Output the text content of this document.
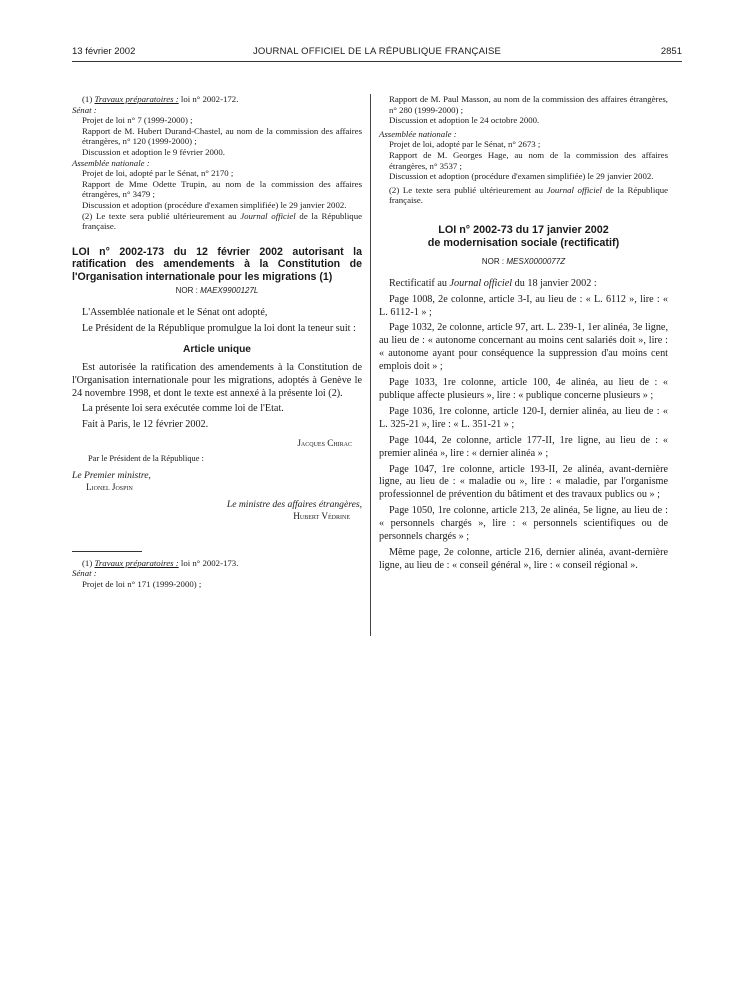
13 février 2002	JOURNAL OFFICIEL DE LA RÉPUBLIQUE FRANÇAISE	2851

(1) Travaux préparatoires : loi n° 2002-172.

Sénat :

Projet de loi n° 7 (1999-2000) ;

Rapport de M. Hubert Durand-Chastel, au nom de la commission des affaires étrangères, n° 120 (1999-2000) ;

Discussion et adoption le 9 février 2000.

Assemblée nationale :

Projet de loi, adopté par le Sénat, n° 2170 ;

Rapport de Mme Odette Trupin, au nom de la commission des affaires étrangères, n° 3479 ;

Discussion et adoption (procédure d'examen simplifiée) le 29 janvier 2002.

(2) Le texte sera publié ultérieurement au Journal officiel de la République française.

LOI n° 2002-173 du 12 février 2002 autorisant la ratification des amendements à la Constitution de l'Organisation internationale pour les migrations (1)

NOR : MAEX9900127L

L'Assemblée nationale et le Sénat ont adopté,

Le Président de la République promulgue la loi dont la teneur suit :

Article unique

Est autorisée la ratification des amendements à la Constitution de l'Organisation internationale pour les migrations, adoptés à Genève le 24 novembre 1998, et dont le texte est annexé à la présente loi (2).

La présente loi sera exécutée comme loi de l'Etat.

Fait à Paris, le 12 février 2002.

Jacques Chirac
Par le Président de la République :
Le Premier ministre,
Lionel Jospin
Le ministre des affaires étrangères,
Hubert Védrine

(1) Travaux préparatoires : loi n° 2002-173.

Sénat :

Projet de loi n° 171 (1999-2000) ;

Rapport de M. Paul Masson, au nom de la commission des affaires étrangères, n° 280 (1999-2000) ;

Discussion et adoption le 24 octobre 2000.

Assemblée nationale :

Projet de loi, adopté par le Sénat, n° 2673 ;

Rapport de M. Georges Hage, au nom de la commission des affaires étrangères, n° 3537 ;

Discussion et adoption (procédure d'examen simplifiée) le 29 janvier 2002.

(2) Le texte sera publié ultérieurement au Journal officiel de la République française.

LOI n° 2002-73 du 17 janvier 2002
de modernisation sociale (rectificatif)
NOR : MESX0000077Z

Rectificatif au Journal officiel du 18 janvier 2002 :

Page 1008, 2e colonne, article 3-I, au lieu de : « L. 6112 », lire : « L. 6112-1 » ;

Page 1032, 2e colonne, article 97, art. L. 239-1, 1er alinéa, 3e ligne, au lieu de : « autonome concernant au moins cent salariés doit », lire : « autonome ayant pour conséquence la suppression d'au moins cent emplois doit » ;

Page 1033, 1re colonne, article 100, 4e alinéa, au lieu de : « publique affecte plusieurs », lire : « publique concerne plusieurs » ;

Page 1036, 1re colonne, article 120-I, dernier alinéa, au lieu de : « L. 325-21 », lire : « L. 351-21 » ;

Page 1044, 2e colonne, article 177-II, 1re ligne, au lieu de : « premier alinéa », lire : « dernier alinéa » ;

Page 1047, 1re colonne, article 193-II, 2e alinéa, avant-dernière ligne, au lieu de : « maladie ou », lire : « maladie, par l'organisme professionnel de prévention du bâtiment et des travaux publics ou » ;

Page 1050, 1re colonne, article 213, 2e alinéa, 5e ligne, au lieu de : « personnels chargés », lire : « personnels scientifiques ou de personnels chargés » ;

Même page, 2e colonne, article 216, dernier alinéa, avant-dernière ligne, au lieu de : « conseil général », lire : « conseil régional ».
